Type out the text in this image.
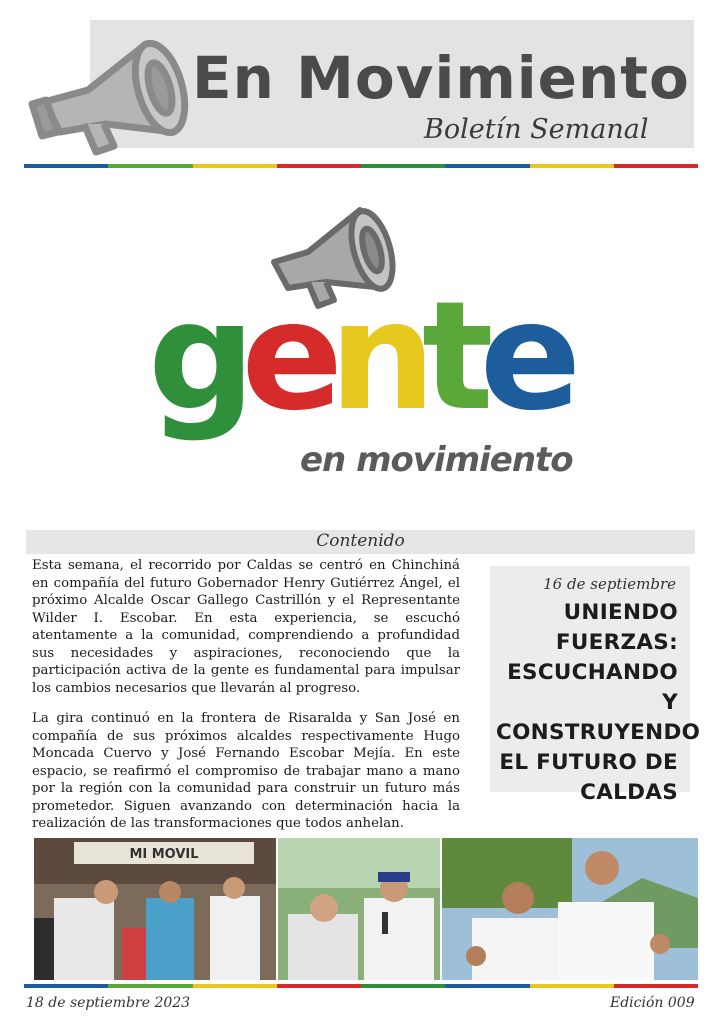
En Movimiento
Boletín Semanal
gente
en movimiento
Contenido
Esta semana, el recorrido por Caldas se centró en Chinchiná en compañía del futuro Gobernador Henry Gutiérrez Ángel, el próximo Alcalde Oscar Gallego Castrillón y el Representante Wilder I. Escobar. En esta experiencia, se escuchó atentamente a la comunidad, comprendiendo a profundidad sus necesidades y aspiraciones, reconociendo que la participación activa de la gente es fundamental para impulsar los cambios necesarios que llevarán al progreso.
La gira continuó en la frontera de Risaralda y San José en compañía de sus próximos alcaldes respectivamente Hugo Moncada Cuervo y José Fernando Escobar Mejía. En este espacio, se reafirmó el compromiso de trabajar mano a mano por la región con la comunidad para construir un futuro más prometedor. Siguen avanzando con determinación hacia la realización de las transformaciones que todos anhelan.
16 de septiembre
UNIENDO FUERZAS: ESCUCHANDO Y CONSTRUYENDO EL FUTURO DE CALDAS
MI MOVIL
18 de septiembre 2023	Edición 009
